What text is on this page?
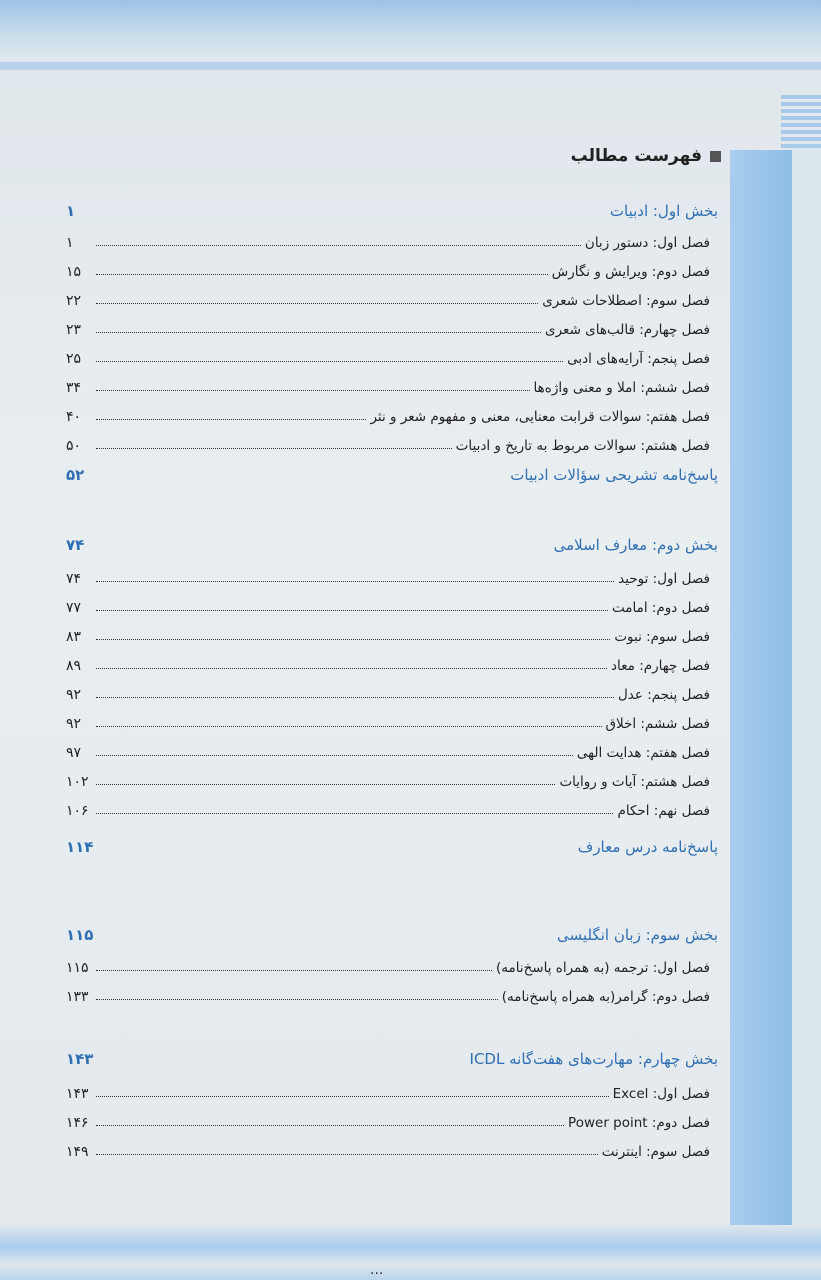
...
فهرست مطالب
بخش اول: ادبیات
۱
فصل اول: دستور زبان
۱
فصل دوم: ویرایش و نگارش
۱۵
فصل سوم: اصطلاحات شعری
۲۲
فصل چهارم: قالب‌های شعری
۲۳
فصل پنجم: آرایه‌های ادبی
۲۵
فصل ششم: املا و معنی واژه‌ها
۳۴
فصل هفتم: سوالات قرابت معنایی، معنی و مفهوم شعر و نثر
۴۰
فصل هشتم: سوالات مربوط به تاریخ و ادبیات
۵۰
پاسخ‌نامه تشریحی سؤالات ادبیات
۵۲
بخش دوم: معارف اسلامی
۷۴
فصل اول: توحید
۷۴
فصل دوم: امامت
۷۷
فصل سوم: نبوت
۸۳
فصل چهارم: معاد
۸۹
فصل پنجم: عدل
۹۲
فصل ششم: اخلاق
۹۲
فصل هفتم: هدایت الهی
۹۷
فصل هشتم: آیات و روایات
۱۰۲
فصل نهم: احکام
۱۰۶
پاسخ‌نامه درس معارف
۱۱۴
بخش سوم: زبان انگلیسی
۱۱۵
فصل اول: ترجمه (به همراه پاسخ‌نامه)
۱۱۵
فصل دوم: گرامر(به همراه پاسخ‌نامه)
۱۳۳
بخش چهارم: مهارت‌های هفت‌گانه ICDL
۱۴۳
فصل اول: Excel
۱۴۳
فصل دوم: Power point
۱۴۶
فصل سوم: اینترنت
۱۴۹
